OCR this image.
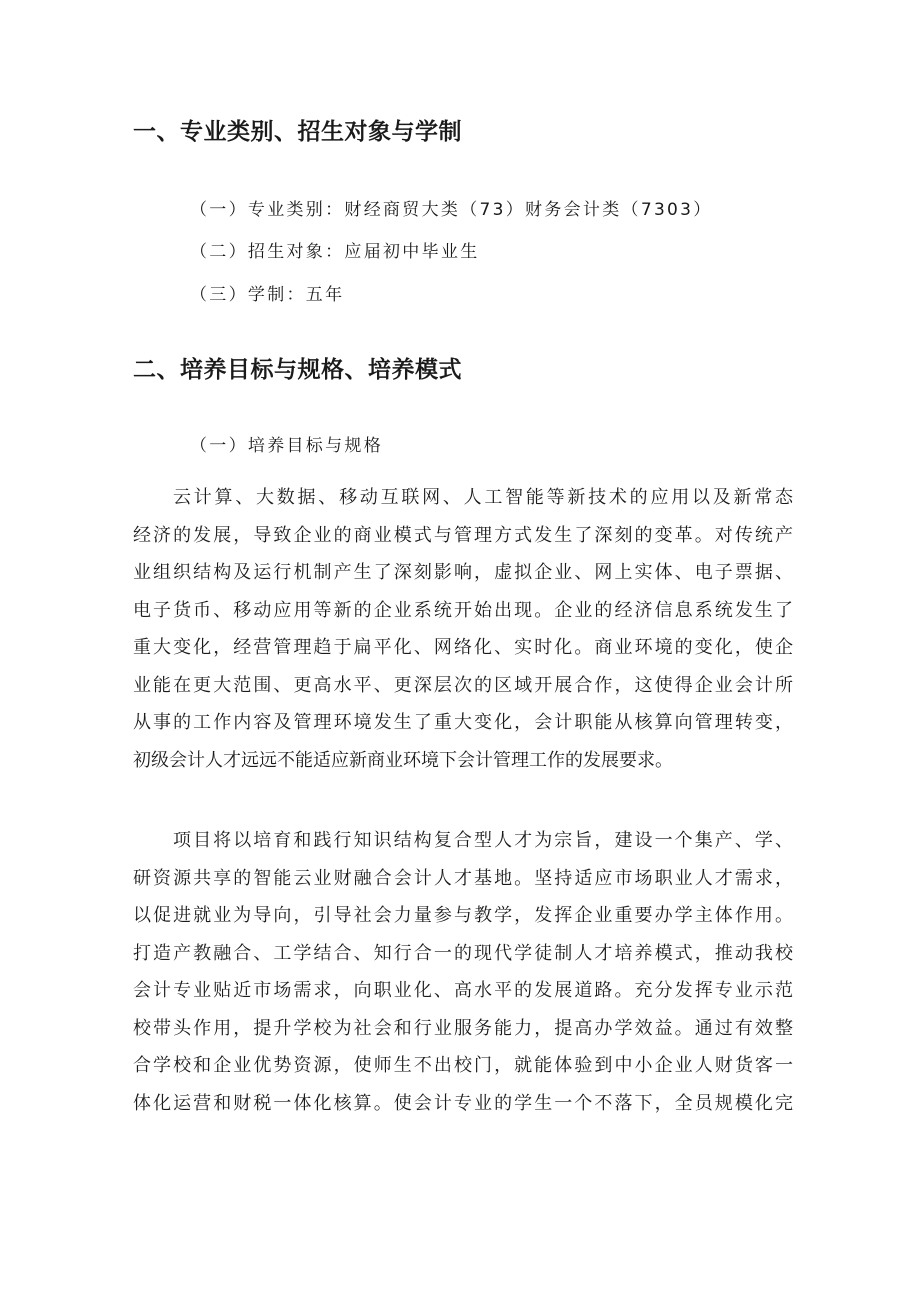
一、专业类别、招生对象与学制
（一）专业类别：财经商贸大类（73）财务会计类（7303）
（二）招生对象：应届初中毕业生
（三）学制：五年
二、培养目标与规格、培养模式
（一）培养目标与规格
云计算、大数据、移动互联网、人工智能等新技术的应用以及新常态
经济的发展，导致企业的商业模式与管理方式发生了深刻的变革。对传统产
业组织结构及运行机制产生了深刻影响，虚拟企业、网上实体、电子票据、
电子货币、移动应用等新的企业系统开始出现。企业的经济信息系统发生了
重大变化，经营管理趋于扁平化、网络化、实时化。商业环境的变化，使企
业能在更大范围、更高水平、更深层次的区域开展合作，这使得企业会计所
从事的工作内容及管理环境发生了重大变化，会计职能从核算向管理转变，
初级会计人才远远不能适应新商业环境下会计管理工作的发展要求。
项目将以培育和践行知识结构复合型人才为宗旨，建设一个集产、学、
研资源共享的智能云业财融合会计人才基地。坚持适应市场职业人才需求，
以促进就业为导向，引导社会力量参与教学，发挥企业重要办学主体作用。
打造产教融合、工学结合、知行合一的现代学徒制人才培养模式，推动我校
会计专业贴近市场需求，向职业化、高水平的发展道路。充分发挥专业示范
校带头作用，提升学校为社会和行业服务能力，提高办学效益。通过有效整
合学校和企业优势资源，使师生不出校门，就能体验到中小企业人财货客一
体化运营和财税一体化核算。使会计专业的学生一个不落下，全员规模化完
